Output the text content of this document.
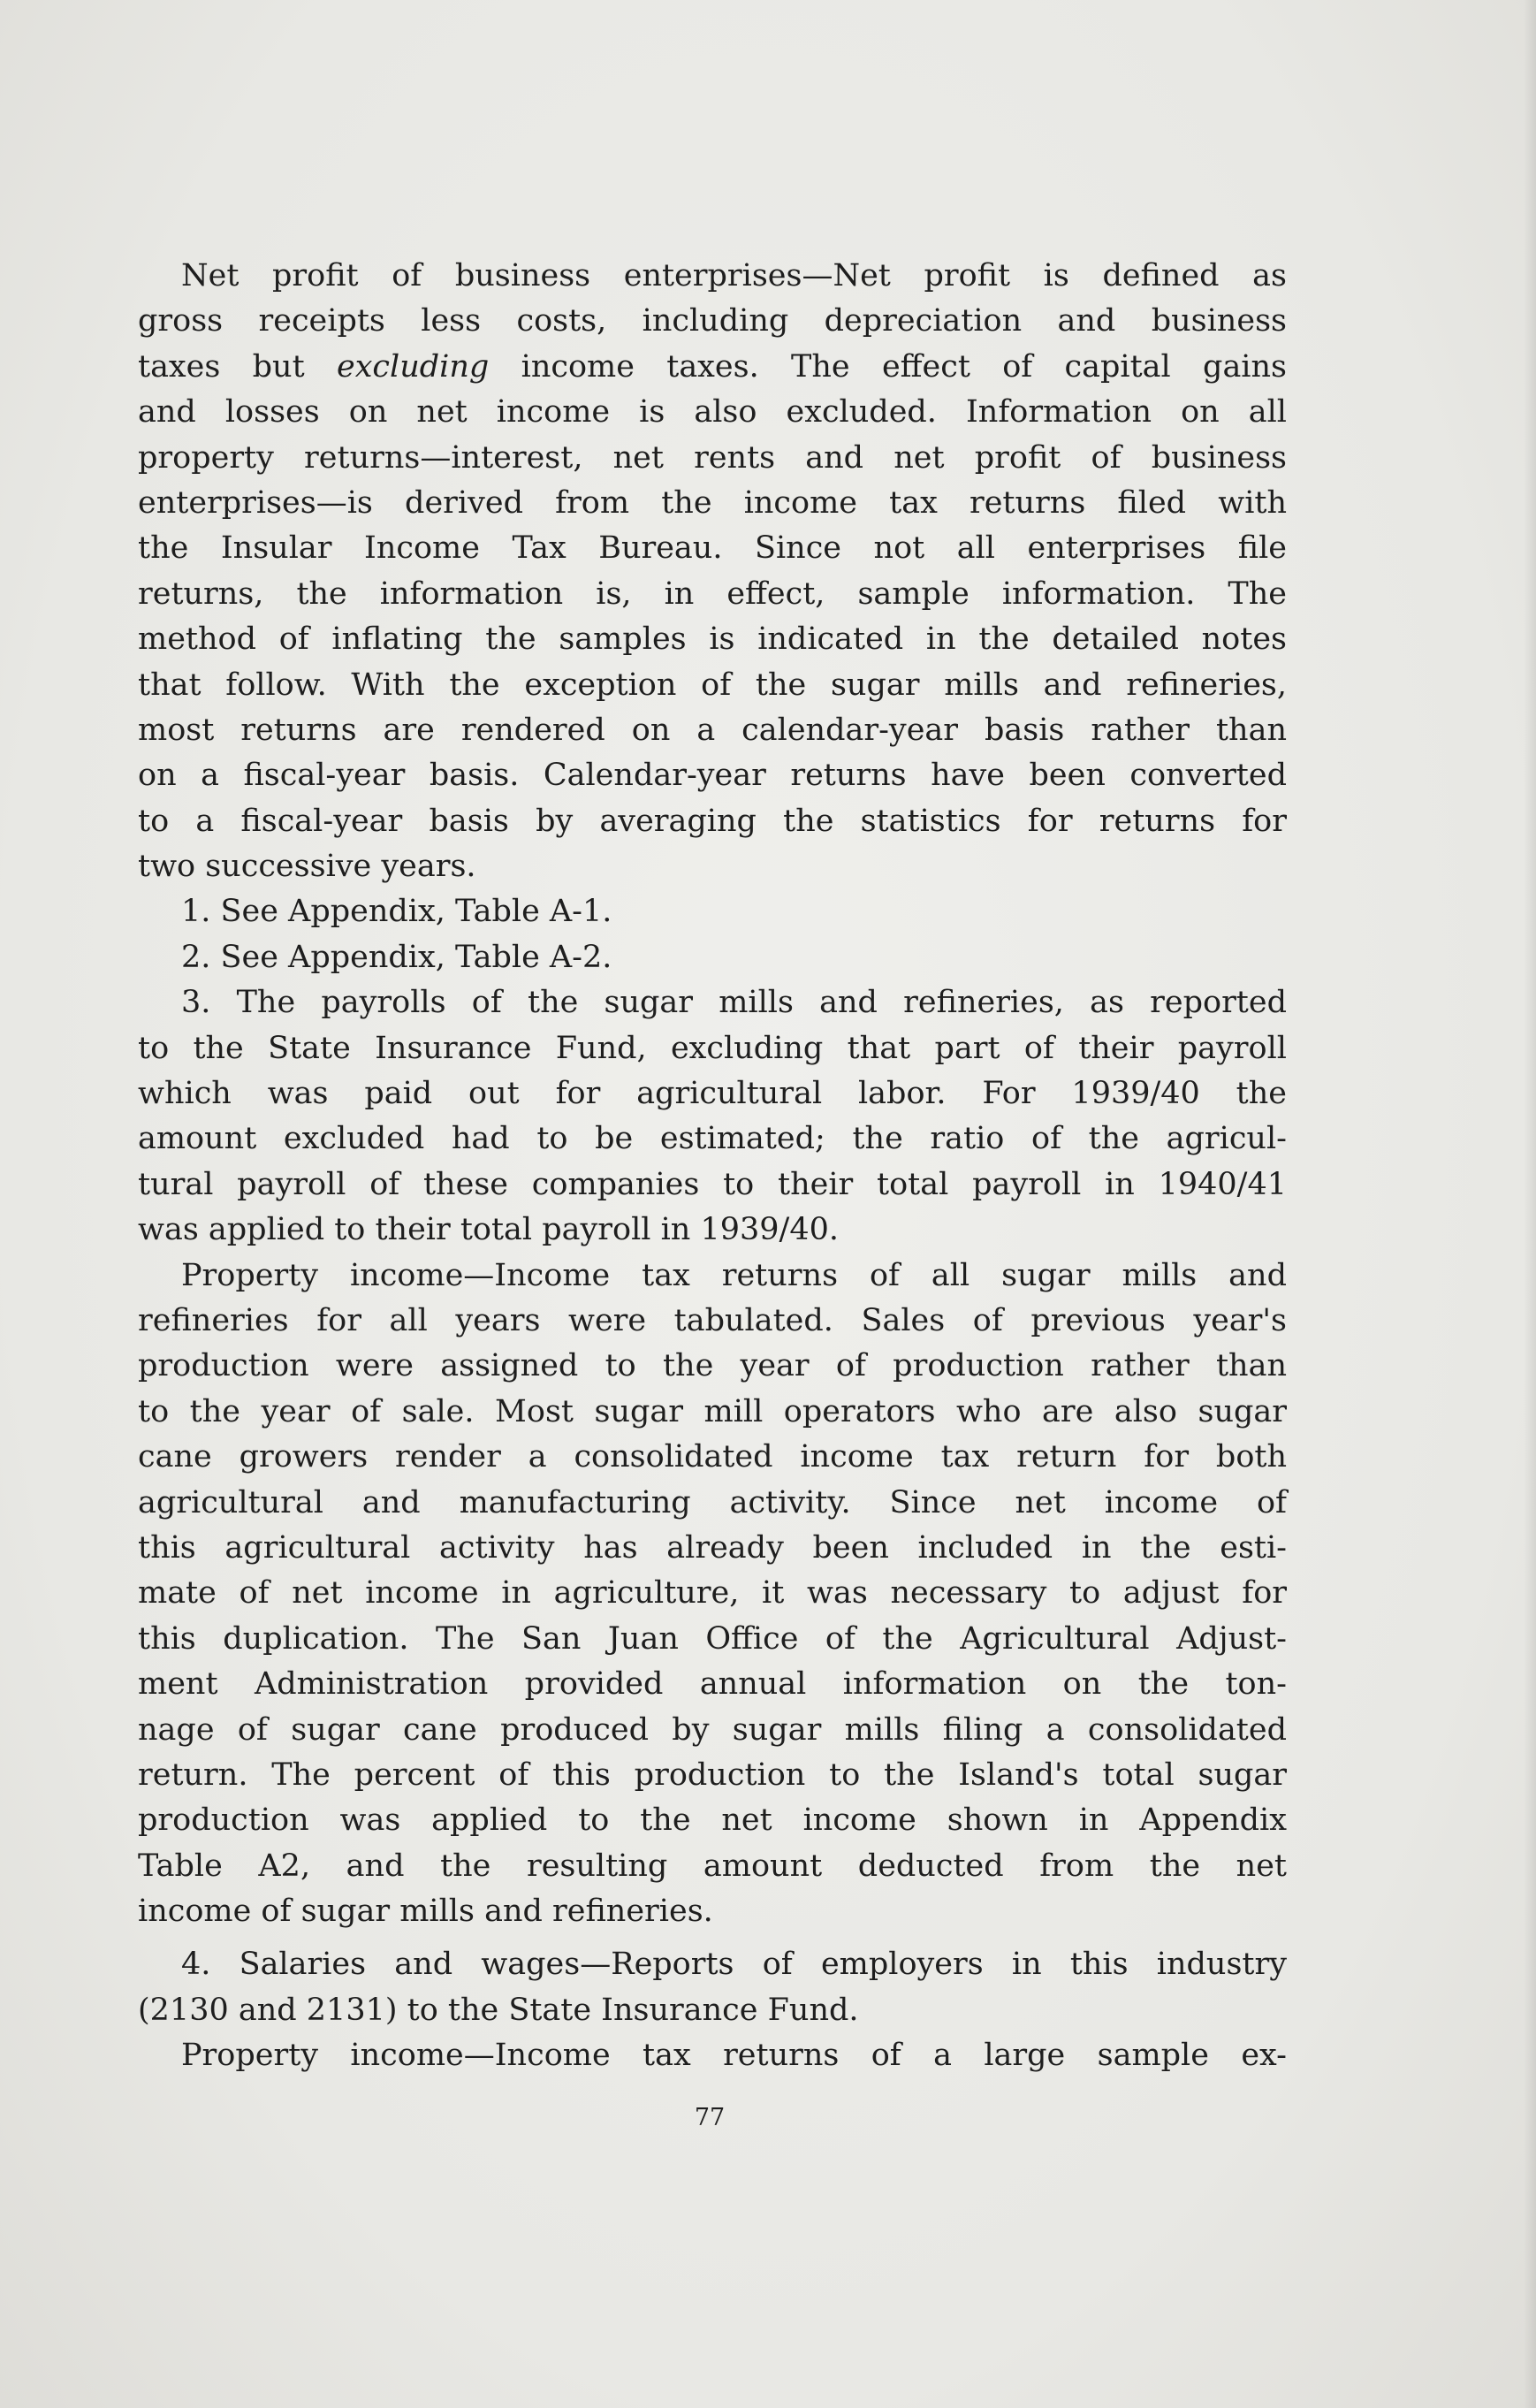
Net profit of business enterprises—Net profit is defined as
gross receipts less costs, including depreciation and business
taxes but excluding income taxes. The effect of capital gains
and losses on net income is also excluded. Information on all
property returns—interest, net rents and net profit of business
enterprises—is derived from the income tax returns filed with
the Insular Income Tax Bureau. Since not all enterprises file
returns, the information is, in effect, sample information. The
method of inflating the samples is indicated in the detailed notes
that follow. With the exception of the sugar mills and refineries,
most returns are rendered on a calendar-year basis rather than
on a fiscal-year basis. Calendar-year returns have been converted
to a fiscal-year basis by averaging the statistics for returns for
two successive years.
1. See Appendix, Table A-1.
2. See Appendix, Table A-2.
3. The payrolls of the sugar mills and refineries, as reported
to the State Insurance Fund, excluding that part of their payroll
which was paid out for agricultural labor. For 1939/40 the
amount excluded had to be estimated; the ratio of the agricul-
tural payroll of these companies to their total payroll in 1940/41
was applied to their total payroll in 1939/40.
Property income—Income tax returns of all sugar mills and
refineries for all years were tabulated. Sales of previous year's
production were assigned to the year of production rather than
to the year of sale. Most sugar mill operators who are also sugar
cane growers render a consolidated income tax return for both
agricultural and manufacturing activity. Since net income of
this agricultural activity has already been included in the esti-
mate of net income in agriculture, it was necessary to adjust for
this duplication. The San Juan Office of the Agricultural Adjust-
ment Administration provided annual information on the ton-
nage of sugar cane produced by sugar mills filing a consolidated
return. The percent of this production to the Island's total sugar
production was applied to the net income shown in Appendix
Table A2, and the resulting amount deducted from the net
income of sugar mills and refineries.
4. Salaries and wages—Reports of employers in this industry
(2130 and 2131) to the State Insurance Fund.
Property income—Income tax returns of a large sample ex-
77
